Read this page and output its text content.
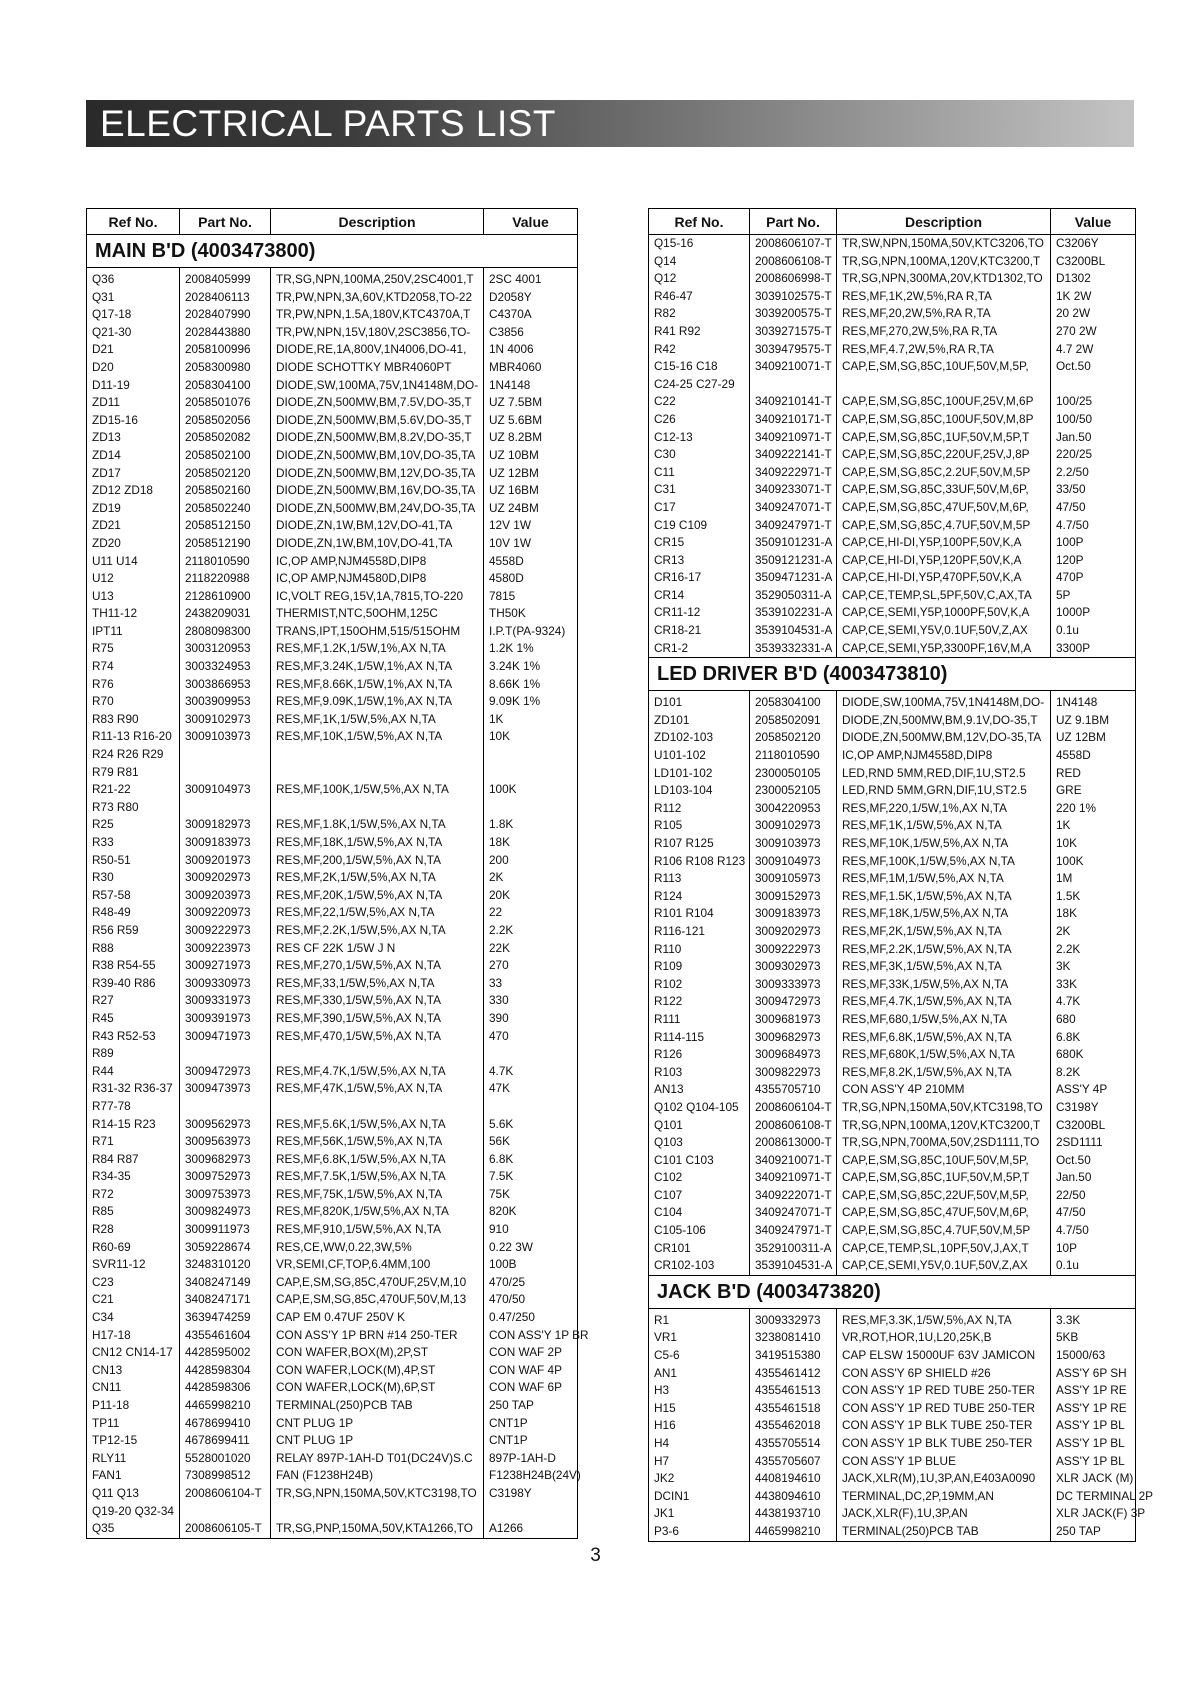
ELECTRICAL PARTS LIST
Ref No.	Part No.	Description	Value
MAIN B'D (4003473800)			
Q36	2008405999	TR,SG,NPN,100MA,250V,2SC4001,T	2SC 4001
Q31	2028406113	TR,PW,NPN,3A,60V,KTD2058,TO-22	D2058Y
Q17-18	2028407990	TR,PW,NPN,1.5A,180V,KTC4370A,T	C4370A
Q21-30	2028443880	TR,PW,NPN,15V,180V,2SC3856,TO-	C3856
D21	2058100996	DIODE,RE,1A,800V,1N4006,DO-41,	1N 4006
D20	2058300980	DIODE SCHOTTKY MBR4060PT	MBR4060
D11-19	2058304100	DIODE,SW,100MA,75V,1N4148M,DO-	1N4148
ZD11	2058501076	DIODE,ZN,500MW,BM,7.5V,DO-35,T	UZ 7.5BM
ZD15-16	2058502056	DIODE,ZN,500MW,BM,5.6V,DO-35,T	UZ 5.6BM
ZD13	2058502082	DIODE,ZN,500MW,BM,8.2V,DO-35,T	UZ 8.2BM
ZD14	2058502100	DIODE,ZN,500MW,BM,10V,DO-35,TA	UZ 10BM
ZD17	2058502120	DIODE,ZN,500MW,BM,12V,DO-35,TA	UZ 12BM
ZD12 ZD18	2058502160	DIODE,ZN,500MW,BM,16V,DO-35,TA	UZ 16BM
ZD19	2058502240	DIODE,ZN,500MW,BM,24V,DO-35,TA	UZ 24BM
ZD21	2058512150	DIODE,ZN,1W,BM,12V,DO-41,TA	12V 1W
ZD20	2058512190	DIODE,ZN,1W,BM,10V,DO-41,TA	10V 1W
U11 U14	2118010590	IC,OP AMP,NJM4558D,DIP8	4558D
U12	2118220988	IC,OP AMP,NJM4580D,DIP8	4580D
U13	2128610900	IC,VOLT REG,15V,1A,7815,TO-220	7815
TH11-12	2438209031	THERMIST,NTC,50OHM,125C	TH50K
IPT11	2808098300	TRANS,IPT,150OHM,515/515OHM	I.P.T(PA-9324)
R75	3003120953	RES,MF,1.2K,1/5W,1%,AX N,TA	1.2K 1%
R74	3003324953	RES,MF,3.24K,1/5W,1%,AX N,TA	3.24K 1%
R76	3003866953	RES,MF,8.66K,1/5W,1%,AX N,TA	8.66K 1%
R70	3003909953	RES,MF,9.09K,1/5W,1%,AX N,TA	9.09K 1%
R83 R90	3009102973	RES,MF,1K,1/5W,5%,AX N,TA	1K
R11-13 R16-20	3009103973	RES,MF,10K,1/5W,5%,AX N,TA	10K
R24 R26 R29			
R79 R81			
R21-22	3009104973	RES,MF,100K,1/5W,5%,AX N,TA	100K
R73 R80			
R25	3009182973	RES,MF,1.8K,1/5W,5%,AX N,TA	1.8K
R33	3009183973	RES,MF,18K,1/5W,5%,AX N,TA	18K
R50-51	3009201973	RES,MF,200,1/5W,5%,AX N,TA	200
R30	3009202973	RES,MF,2K,1/5W,5%,AX N,TA	2K
R57-58	3009203973	RES,MF,20K,1/5W,5%,AX N,TA	20K
R48-49	3009220973	RES,MF,22,1/5W,5%,AX N,TA	22
R56 R59	3009222973	RES,MF,2.2K,1/5W,5%,AX N,TA	2.2K
R88	3009223973	RES CF 22K 1/5W J N	22K
R38 R54-55	3009271973	RES,MF,270,1/5W,5%,AX N,TA	270
R39-40 R86	3009330973	RES,MF,33,1/5W,5%,AX N,TA	33
R27	3009331973	RES,MF,330,1/5W,5%,AX N,TA	330
R45	3009391973	RES,MF,390,1/5W,5%,AX N,TA	390
R43 R52-53	3009471973	RES,MF,470,1/5W,5%,AX N,TA	470
R89			
R44	3009472973	RES,MF,4.7K,1/5W,5%,AX N,TA	4.7K
R31-32 R36-37	3009473973	RES,MF,47K,1/5W,5%,AX N,TA	47K
R77-78			
R14-15 R23	3009562973	RES,MF,5.6K,1/5W,5%,AX N,TA	5.6K
R71	3009563973	RES,MF,56K,1/5W,5%,AX N,TA	56K
R84 R87	3009682973	RES,MF,6.8K,1/5W,5%,AX N,TA	6.8K
R34-35	3009752973	RES,MF,7.5K,1/5W,5%,AX N,TA	7.5K
R72	3009753973	RES,MF,75K,1/5W,5%,AX N,TA	75K
R85	3009824973	RES,MF,820K,1/5W,5%,AX N,TA	820K
R28	3009911973	RES,MF,910,1/5W,5%,AX N,TA	910
R60-69	3059228674	RES,CE,WW,0.22,3W,5%	0.22 3W
SVR11-12	3248310120	VR,SEMI,CF,TOP,6.4MM,100	100B
C23	3408247149	CAP,E,SM,SG,85C,470UF,25V,M,10	470/25
C21	3408247171	CAP,E,SM,SG,85C,470UF,50V,M,13	470/50
C34	3639474259	CAP EM 0.47UF 250V K	0.47/250
H17-18	4355461604	CON ASS'Y 1P BRN #14 250-TER	CON ASS'Y 1P BR
CN12 CN14-17	4428595002	CON WAFER,BOX(M),2P,ST	CON WAF 2P
CN13	4428598304	CON WAFER,LOCK(M),4P,ST	CON WAF 4P
CN11	4428598306	CON WAFER,LOCK(M),6P,ST	CON WAF 6P
P11-18	4465998210	TERMINAL(250)PCB TAB	250 TAP
TP11	4678699410	CNT PLUG 1P	CNT1P
TP12-15	4678699411	CNT PLUG 1P	CNT1P
RLY11	5528001020	RELAY 897P-1AH-D T01(DC24V)S.C	897P-1AH-D
FAN1	7308998512	FAN (F1238H24B)	F1238H24B(24V)
Q11 Q13	2008606104-T	TR,SG,NPN,150MA,50V,KTC3198,TO	C3198Y
Q19-20 Q32-34			
Q35	2008606105-T	TR,SG,PNP,150MA,50V,KTA1266,TO	A1266
Ref No.	Part No.	Description	Value
Q15-16	2008606107-T	TR,SW,NPN,150MA,50V,KTC3206,TO	C3206Y
Q14	2008606108-T	TR,SG,NPN,100MA,120V,KTC3200,T	C3200BL
Q12	2008606998-T	TR,SG,NPN,300MA,20V,KTD1302,TO	D1302
R46-47	3039102575-T	RES,MF,1K,2W,5%,RA R,TA	1K 2W
R82	3039200575-T	RES,MF,20,2W,5%,RA R,TA	20 2W
R41 R92	3039271575-T	RES,MF,270,2W,5%,RA R,TA	270 2W
R42	3039479575-T	RES,MF,4.7,2W,5%,RA R,TA	4.7 2W
C15-16 C18	3409210071-T	CAP,E,SM,SG,85C,10UF,50V,M,5P,	Oct.50
C24-25 C27-29			
C22	3409210141-T	CAP,E,SM,SG,85C,100UF,25V,M,6P	100/25
C26	3409210171-T	CAP,E,SM,SG,85C,100UF,50V,M,8P	100/50
C12-13	3409210971-T	CAP,E,SM,SG,85C,1UF,50V,M,5P,T	Jan.50
C30	3409222141-T	CAP,E,SM,SG,85C,220UF,25V,J,8P	220/25
C11	3409222971-T	CAP,E,SM,SG,85C,2.2UF,50V,M,5P	2.2/50
C31	3409233071-T	CAP,E,SM,SG,85C,33UF,50V,M,6P,	33/50
C17	3409247071-T	CAP,E,SM,SG,85C,47UF,50V,M,6P,	47/50
C19 C109	3409247971-T	CAP,E,SM,SG,85C,4.7UF,50V,M,5P	4.7/50
CR15	3509101231-A	CAP,CE,HI-DI,Y5P,100PF,50V,K,A	100P
CR13	3509121231-A	CAP,CE,HI-DI,Y5P,120PF,50V,K,A	120P
CR16-17	3509471231-A	CAP,CE,HI-DI,Y5P,470PF,50V,K,A	470P
CR14	3529050311-A	CAP,CE,TEMP,SL,5PF,50V,C,AX,TA	5P
CR11-12	3539102231-A	CAP,CE,SEMI,Y5P,1000PF,50V,K,A	1000P
CR18-21	3539104531-A	CAP,CE,SEMI,Y5V,0.1UF,50V,Z,AX	0.1u
CR1-2	3539332331-A	CAP,CE,SEMI,Y5P,3300PF,16V,M,A	3300P
LED DRIVER B'D (4003473810)			
D101	2058304100	DIODE,SW,100MA,75V,1N4148M,DO-	1N4148
ZD101	2058502091	DIODE,ZN,500MW,BM,9.1V,DO-35,T	UZ 9.1BM
ZD102-103	2058502120	DIODE,ZN,500MW,BM,12V,DO-35,TA	UZ 12BM
U101-102	2118010590	IC,OP AMP,NJM4558D,DIP8	4558D
LD101-102	2300050105	LED,RND 5MM,RED,DIF,1U,ST2.5	RED
LD103-104	2300052105	LED,RND 5MM,GRN,DIF,1U,ST2.5	GRE
R112	3004220953	RES,MF,220,1/5W,1%,AX N,TA	220 1%
R105	3009102973	RES,MF,1K,1/5W,5%,AX N,TA	1K
R107 R125	3009103973	RES,MF,10K,1/5W,5%,AX N,TA	10K
R106 R108 R123	3009104973	RES,MF,100K,1/5W,5%,AX N,TA	100K
R113	3009105973	RES,MF,1M,1/5W,5%,AX N,TA	1M
R124	3009152973	RES,MF,1.5K,1/5W,5%,AX N,TA	1.5K
R101 R104	3009183973	RES,MF,18K,1/5W,5%,AX N,TA	18K
R116-121	3009202973	RES,MF,2K,1/5W,5%,AX N,TA	2K
R110	3009222973	RES,MF,2.2K,1/5W,5%,AX N,TA	2.2K
R109	3009302973	RES,MF,3K,1/5W,5%,AX N,TA	3K
R102	3009333973	RES,MF,33K,1/5W,5%,AX N,TA	33K
R122	3009472973	RES,MF,4.7K,1/5W,5%,AX N,TA	4.7K
R111	3009681973	RES,MF,680,1/5W,5%,AX N,TA	680
R114-115	3009682973	RES,MF,6.8K,1/5W,5%,AX N,TA	6.8K
R126	3009684973	RES,MF,680K,1/5W,5%,AX N,TA	680K
R103	3009822973	RES,MF,8.2K,1/5W,5%,AX N,TA	8.2K
AN13	4355705710	CON ASS'Y 4P 210MM	ASS'Y 4P
Q102 Q104-105	2008606104-T	TR,SG,NPN,150MA,50V,KTC3198,TO	C3198Y
Q101	2008606108-T	TR,SG,NPN,100MA,120V,KTC3200,T	C3200BL
Q103	2008613000-T	TR,SG,NPN,700MA,50V,2SD1111,TO	2SD1111
C101 C103	3409210071-T	CAP,E,SM,SG,85C,10UF,50V,M,5P,	Oct.50
C102	3409210971-T	CAP,E,SM,SG,85C,1UF,50V,M,5P,T	Jan.50
C107	3409222071-T	CAP,E,SM,SG,85C,22UF,50V,M,5P,	22/50
C104	3409247071-T	CAP,E,SM,SG,85C,47UF,50V,M,6P,	47/50
C105-106	3409247971-T	CAP,E,SM,SG,85C,4.7UF,50V,M,5P	4.7/50
CR101	3529100311-A	CAP,CE,TEMP,SL,10PF,50V,J,AX,T	10P
CR102-103	3539104531-A	CAP,CE,SEMI,Y5V,0.1UF,50V,Z,AX	0.1u
JACK B'D (4003473820)			
R1	3009332973	RES,MF,3.3K,1/5W,5%,AX N,TA	3.3K
VR1	3238081410	VR,ROT,HOR,1U,L20,25K,B	5KB
C5-6	3419515380	CAP ELSW 15000UF 63V JAMICON	15000/63
AN1	4355461412	CON ASS'Y 6P SHIELD #26	ASS'Y 6P SH
H3	4355461513	CON ASS'Y 1P RED TUBE 250-TER	ASS'Y 1P RE
H15	4355461518	CON ASS'Y 1P RED TUBE 250-TER	ASS'Y 1P RE
H16	4355462018	CON ASS'Y 1P BLK TUBE 250-TER	ASS'Y 1P BL
H4	4355705514	CON ASS'Y 1P BLK TUBE 250-TER	ASS'Y 1P BL
H7	4355705607	CON ASS'Y 1P BLUE	ASS'Y 1P BL
JK2	4408194610	JACK,XLR(M),1U,3P,AN,E403A0090	XLR JACK (M)
DCIN1	4438094610	TERMINAL,DC,2P,19MM,AN	DC TERMINAL 2P
JK1	4438193710	JACK,XLR(F),1U,3P,AN	XLR JACK(F) 3P
P3-6	4465998210	TERMINAL(250)PCB TAB	250 TAP
3
